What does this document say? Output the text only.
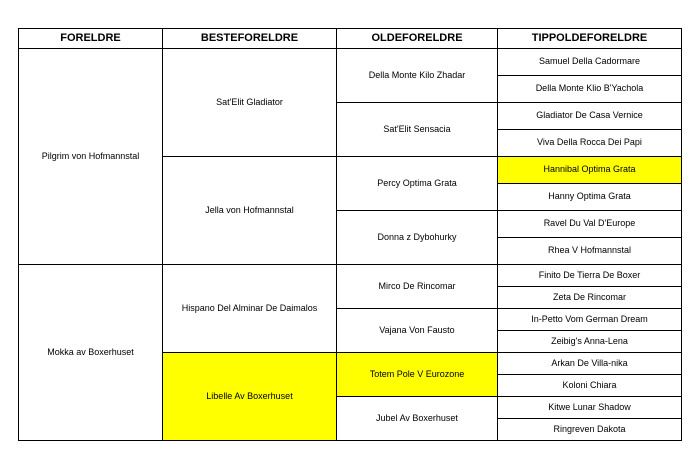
FORELDRE	BESTEFORELDRE	OLDEFORELDRE	TIPPOLDEFORELDRE
Pilgrim von Hofmannstal	Sat'Elit Gladiator	Della Monte Kilo Zhadar	Samuel Della Cadormare
			Della Monte Klio B'Yachola
		Sat'Elit Sensacia	Gladiator De Casa Vernice
			Viva Della Rocca Dei Papi
	Jella von Hofmannstal	Percy Optima Grata	Hannibal Optima Grata
			Hanny Optima Grata
		Donna z Dybohurky	Ravel Du Val D'Europe
			Rhea V Hofmannstal
Mokka av Boxerhuset	Hispano Del Alminar De Daimalos	Mirco De Rincomar	Finito De Tierra De Boxer
			Zeta De Rincomar
		Vajana Von Fausto	In-Petto Vom German Dream
			Zeibig's Anna-Lena
	Libelle Av Boxerhuset	Totem Pole V Eurozone	Arkan De Villa-nika
			Koloni Chiara
		Jubel Av Boxerhuset	Kitwe Lunar Shadow
			Ringreven Dakota
